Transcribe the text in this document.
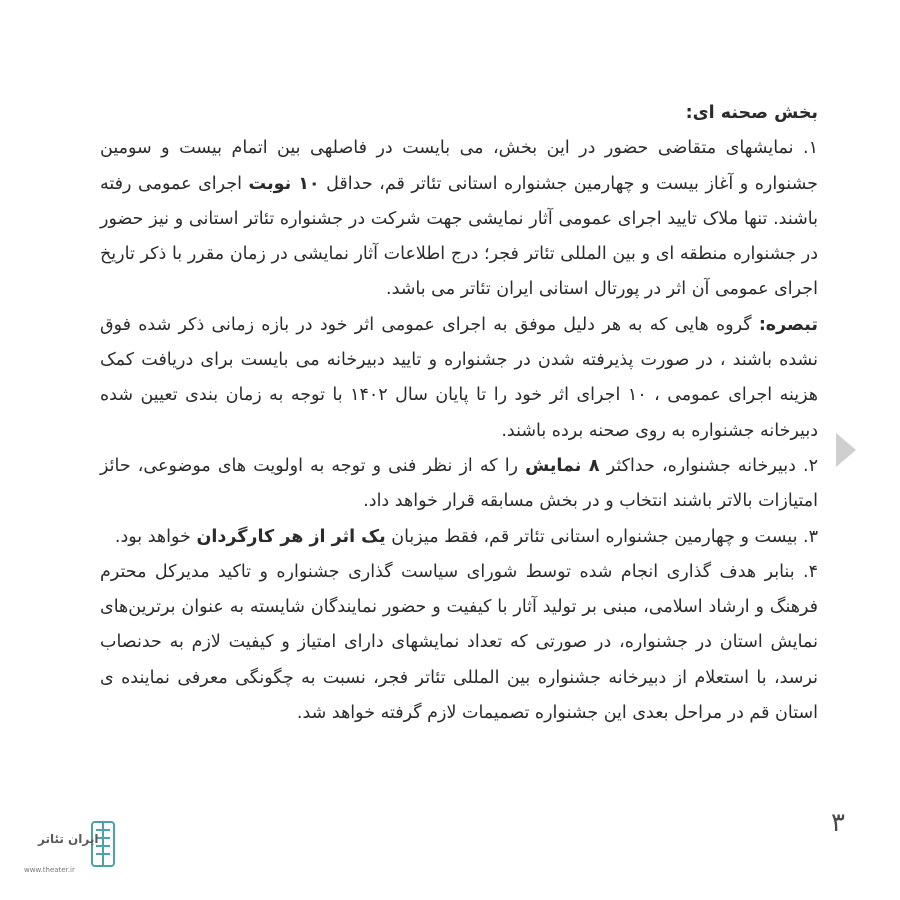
بخش صحنه ای:

۱. نمایشهای متقاضی حضور در این بخش، می بایست در فاصلهی بین اتمام بیست و سومین جشنواره و آغاز بیست و چهارمین جشنواره استانی تئاتر قم، حداقل ۱۰ نوبت اجرای عمومی رفته باشند. تنها ملاک تایید اجرای عمومی آثار نمایشی جهت شرکت در جشنواره تئاتر استانی و نیز حضور در جشنواره منطقه ای و بین المللی تئاتر فجر؛ درج اطلاعات آثار نمایشی در زمان مقرر با ذکر تاریخ اجرای عمومی آن اثر در پورتال استانی ایران تئاتر می باشد.

تبصره: گروه هایی که به هر دلیل موفق به اجرای عمومی اثر خود در بازه زمانی ذکر شده فوق نشده باشند ، در صورت پذیرفته شدن در جشنواره و تایید دبیرخانه می بایست برای دریافت کمک هزینه اجرای عمومی ، ۱۰ اجرای اثر خود را تا پایان سال ۱۴۰۲ با توجه به زمان بندی تعیین شده دبیرخانه جشنواره به روی صحنه برده باشند.

۲. دبیرخانه جشنواره، حداکثر ۸ نمایش را که از نظر فنی و توجه به اولویت های موضوعی، حائز امتیازات بالاتر باشند انتخاب و در بخش مسابقه قرار خواهد داد.

۳. بیست و چهارمین جشنواره استانی تئاتر قم، فقط میزبان یک اثر از هر کارگردان خواهد بود.

۴. بنابر هدف گذاری انجام شده توسط شورای سیاست گذاری جشنواره و تاکید مدیرکل محترم فرهنگ و ارشاد اسلامی، مبنی بر تولید آثار با کیفیت و حضور نمایندگان شایسته به عنوان برترین‌های نمایش استان در جشنواره، در صورتی که تعداد نمایشهای دارای امتیاز و کیفیت لازم به حدنصاب نرسد، با استعلام از دبیرخانه جشنواره بین المللی تئاتر فجر، نسبت به چگونگی معرفی نماینده ی استان قم در مراحل بعدی این جشنواره تصمیمات لازم گرفته خواهد شد.

۳
ایران تئاتر
www.theater.ir
